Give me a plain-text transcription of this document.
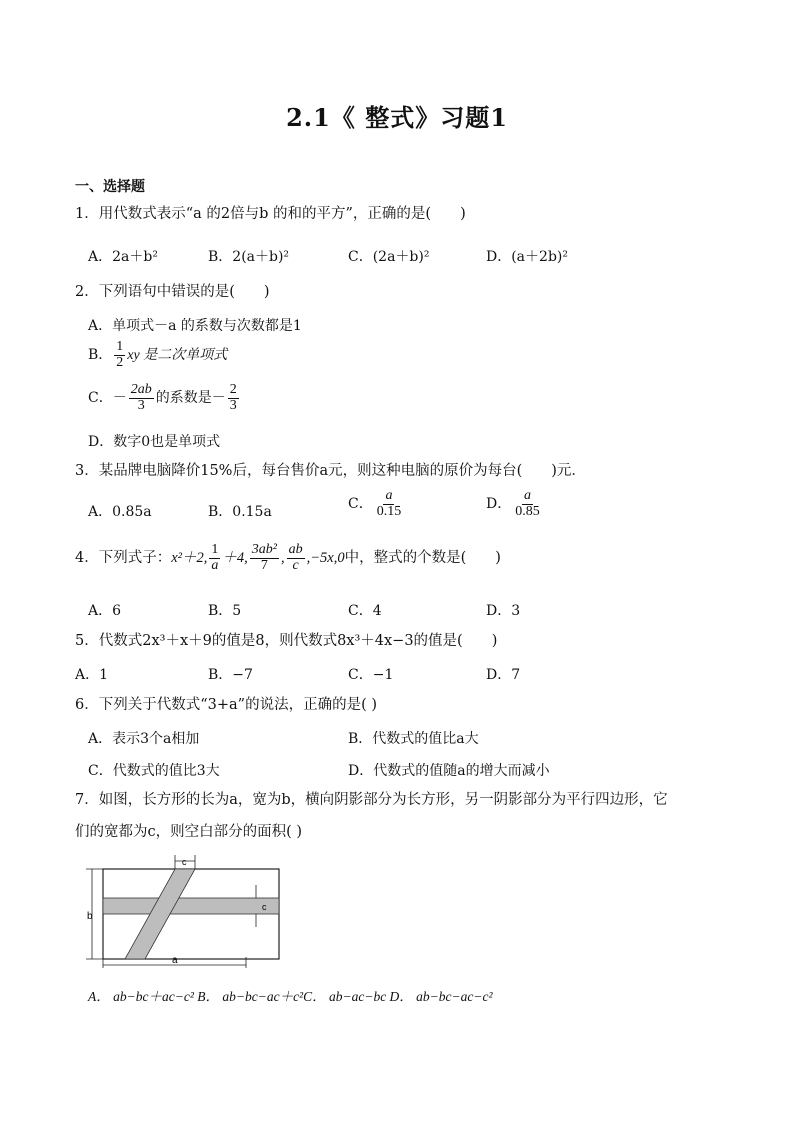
2.1《 整式》习题1
一、选择题
1．用代数式表示“a 的2倍与b 的和的平方”，正确的是(　　)
A．2a＋b²	B．2(a＋b)²	C．(2a＋b)²	D．(a＋2b)²
2．下列语句中错误的是(　　)
A．单项式－a 的系数与次数都是1
B． $\frac{1}{2}$ xy 是二次单项式
C．－ $\frac{2ab}{3}$ 的系数是－ $\frac{2}{3}$
D．数字0也是单项式
3．某品牌电脑降价15%后，每台售价a元，则这种电脑的原价为每台(　　)元．
A．0.85a	B．0.15a	C． $\frac{a}{0.15}$	D． $\frac{a}{0.85}$
4．下列式子：x²＋2, $\frac{1}{a} +4$, $\frac{\text{3ab²}}{7}$ , $\frac{ab}{c} ,-5x,0$中，整式的个数是(　　)
A．6	B．5	C．4	D．3
5．代数式2x³＋x＋9的值是8，则代数式8x³＋4x−3的值是(　　)
A．1	B．−7	C．−1	D．7
6．下列关于代数式“3+a”的说法，正确的是( )
A．表示3个a相加	B．代数式的值比a大
C．代数式的值比3大	D．代数式的值随a的增大而减小
7．如图，长方形的长为a，宽为b，横向阴影部分为长方形，另一阴影部分为平行四边形，它
们的宽都为c，则空白部分的面积( )
b
a
c
c
A． ab−bc＋ac−c² B． ab−bc−ac＋c²C． ab−ac−bc D． ab−bc−ac−c²
